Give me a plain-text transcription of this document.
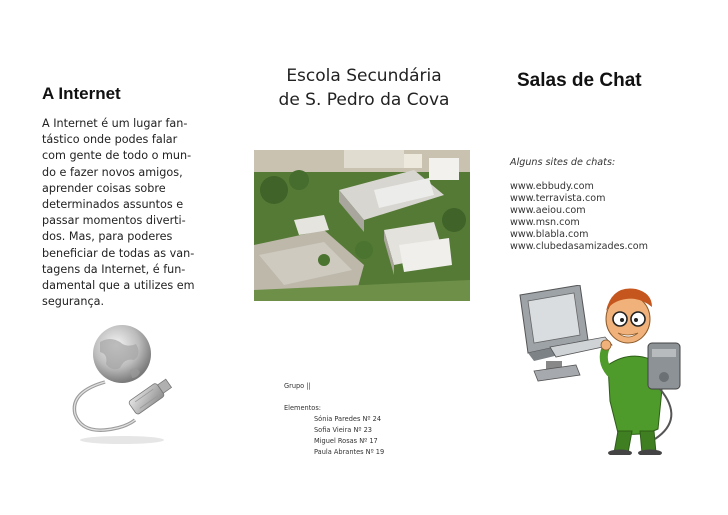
A Internet
A Internet é um lugar fan-
tástico onde podes falar
com gente de todo o mun-
do e fazer novos amigos,
aprender coisas sobre
determinados assuntos e
passar momentos diverti-
dos. Mas, para poderes
beneficiar de todas as van-
tagens da Internet, é fun-
damental que a utilizes em
segurança.
Escola Secundária
de S. Pedro da Cova
Grupo ||
Elementos:
Sónia Paredes Nº 24
Sofia Vieira Nº 23
Miguel Rosas Nº 17
Paula Abrantes Nº 19
Salas de Chat
Alguns sites de chats:
www.ebbudy.com
www.terravista.com
www.aeiou.com
www.msn.com
www.blabla.com
www.clubedasamizades.com
